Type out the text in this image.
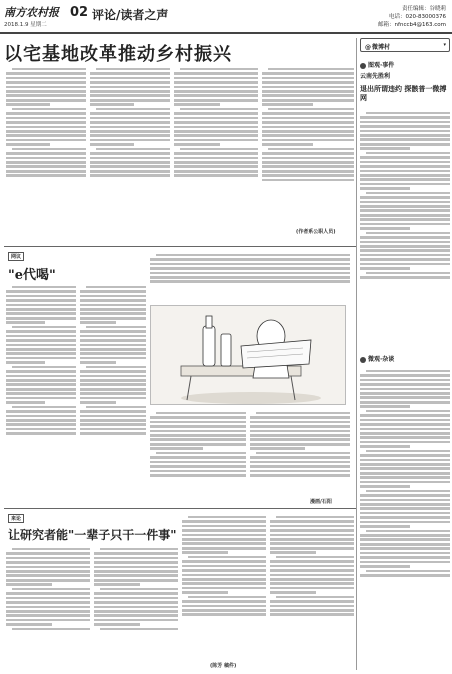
南方农村报
2018.1.9 星期二
02 评论/读者之声	责任编辑：谷晓莉
电话：020-83000376
邮箱：nfnccb4@163.com
以宅基地改革推动乡村振兴
(作者系公职人员)
网议
"e代喝"
漫画/石阳
来论
让研究者能"一辈子只干一件事"
(陈芳 稿件)
@微博村	▾
图观·事件
云南先胜利
退出所谓违约 探骸普一微搏网
微观·杂谈
